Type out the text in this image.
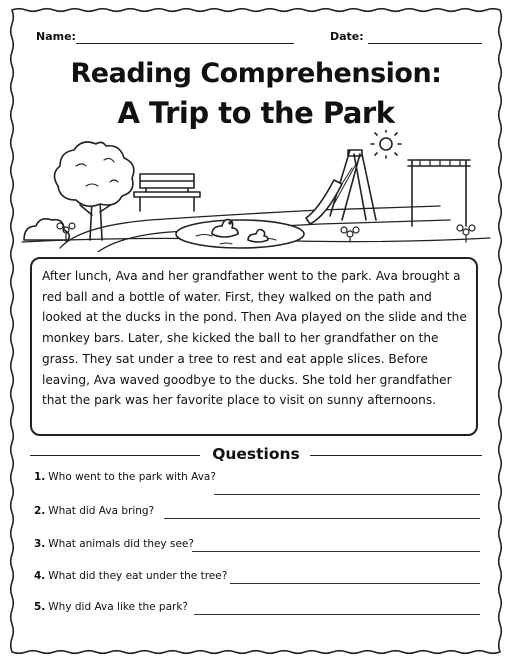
Name:	Date:
Reading Comprehension:
A Trip to the Park
After lunch, Ava and her grandfather went to the park. Ava brought a red ball and a bottle of water. First, they walked on the path and looked at the ducks in the pond. Then Ava played on the slide and the monkey bars. Later, she kicked the ball to her grandfather on the grass. They sat under a tree to rest and eat apple slices. Before leaving, Ava waved goodbye to the ducks. She told her grandfather that the park was her favorite place to visit on sunny afternoons.
Questions
1. Who went to the park with Ava?
2. What did Ava bring?
3. What animals did they see?
4. What did they eat under the tree?
5. Why did Ava like the park?
